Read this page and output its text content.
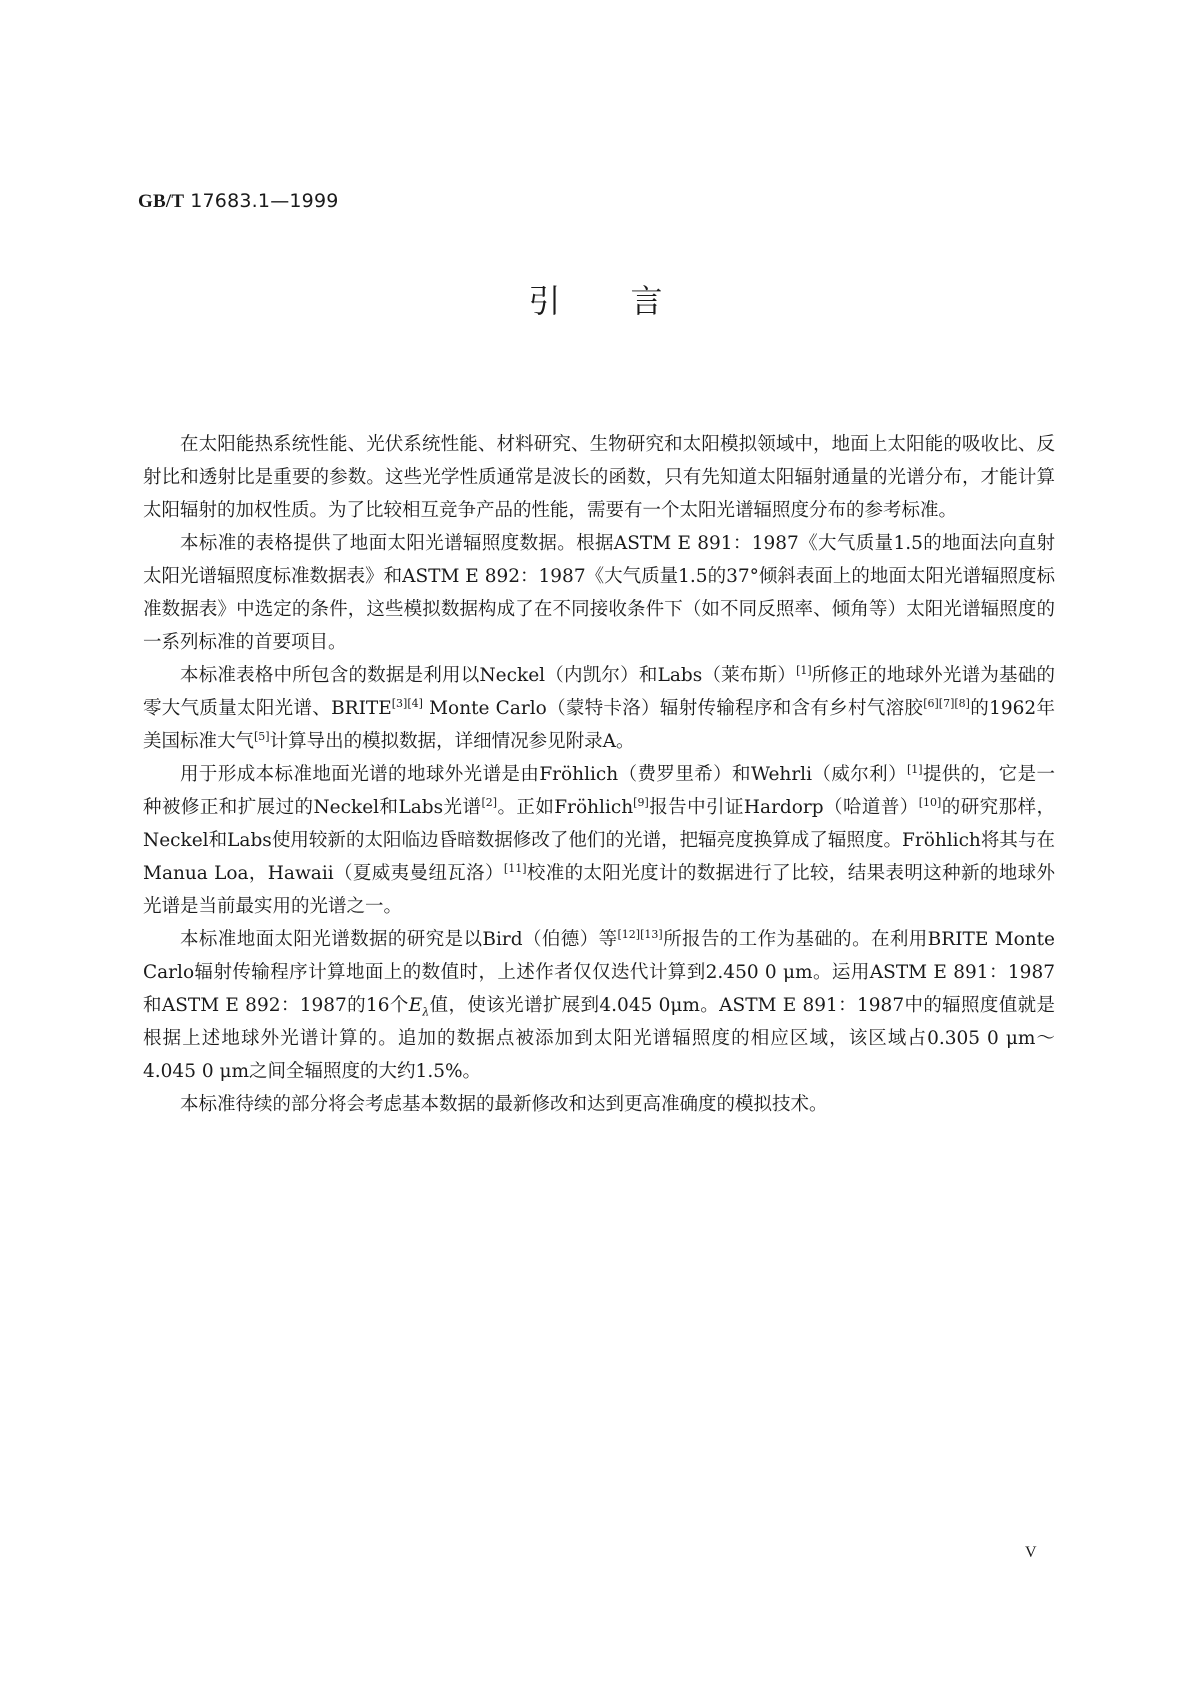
GB/T 17683.1—1999
引言

在太阳能热系统性能、光伏系统性能、材料研究、生物研究和太阳模拟领域中，地面上太阳能的吸收比、反射比和透射比是重要的参数。这些光学性质通常是波长的函数，只有先知道太阳辐射通量的光谱分布，才能计算太阳辐射的加权性质。为了比较相互竞争产品的性能，需要有一个太阳光谱辐照度分布的参考标准。

本标准的表格提供了地面太阳光谱辐照度数据。根据ASTM E 891：1987《大气质量1.5的地面法向直射太阳光谱辐照度标准数据表》和ASTM E 892：1987《大气质量1.5的37°倾斜表面上的地面太阳光谱辐照度标准数据表》中选定的条件，这些模拟数据构成了在不同接收条件下（如不同反照率、倾角等）太阳光谱辐照度的一系列标准的首要项目。

本标准表格中所包含的数据是利用以Neckel（内凯尔）和Labs（莱布斯）[1]所修正的地球外光谱为基础的零大气质量太阳光谱、BRITE[3][4] Monte Carlo（蒙特卡洛）辐射传输程序和含有乡村气溶胶[6][7][8]的1962年美国标准大气[5]计算导出的模拟数据，详细情况参见附录A。

用于形成本标准地面光谱的地球外光谱是由Fröhlich（费罗里希）和Wehrli（威尔利）[1]提供的，它是一种被修正和扩展过的Neckel和Labs光谱[2]。正如Fröhlich[9]报告中引证Hardorp（哈道普）[10]的研究那样，Neckel和Labs使用较新的太阳临边昏暗数据修改了他们的光谱，把辐亮度换算成了辐照度。Fröhlich将其与在Manua Loa，Hawaii（夏威夷曼纽瓦洛）[11]校准的太阳光度计的数据进行了比较，结果表明这种新的地球外光谱是当前最实用的光谱之一。

本标准地面太阳光谱数据的研究是以Bird（伯德）等[12][13]所报告的工作为基础的。在利用BRITE Monte Carlo辐射传输程序计算地面上的数值时，上述作者仅仅迭代计算到2.450 0 μm。运用ASTM E 891：1987和ASTM E 892：1987的16个$E_\lambda$值，使该光谱扩展到4.045 0μm。ASTM E 891：1987中的辐照度值就是根据上述地球外光谱计算的。追加的数据点被添加到太阳光谱辐照度的相应区域，该区域占0.305 0 μm～4.045 0 μm之间全辐照度的大约1.5%。

本标准待续的部分将会考虑基本数据的最新修改和达到更高准确度的模拟技术。

V
